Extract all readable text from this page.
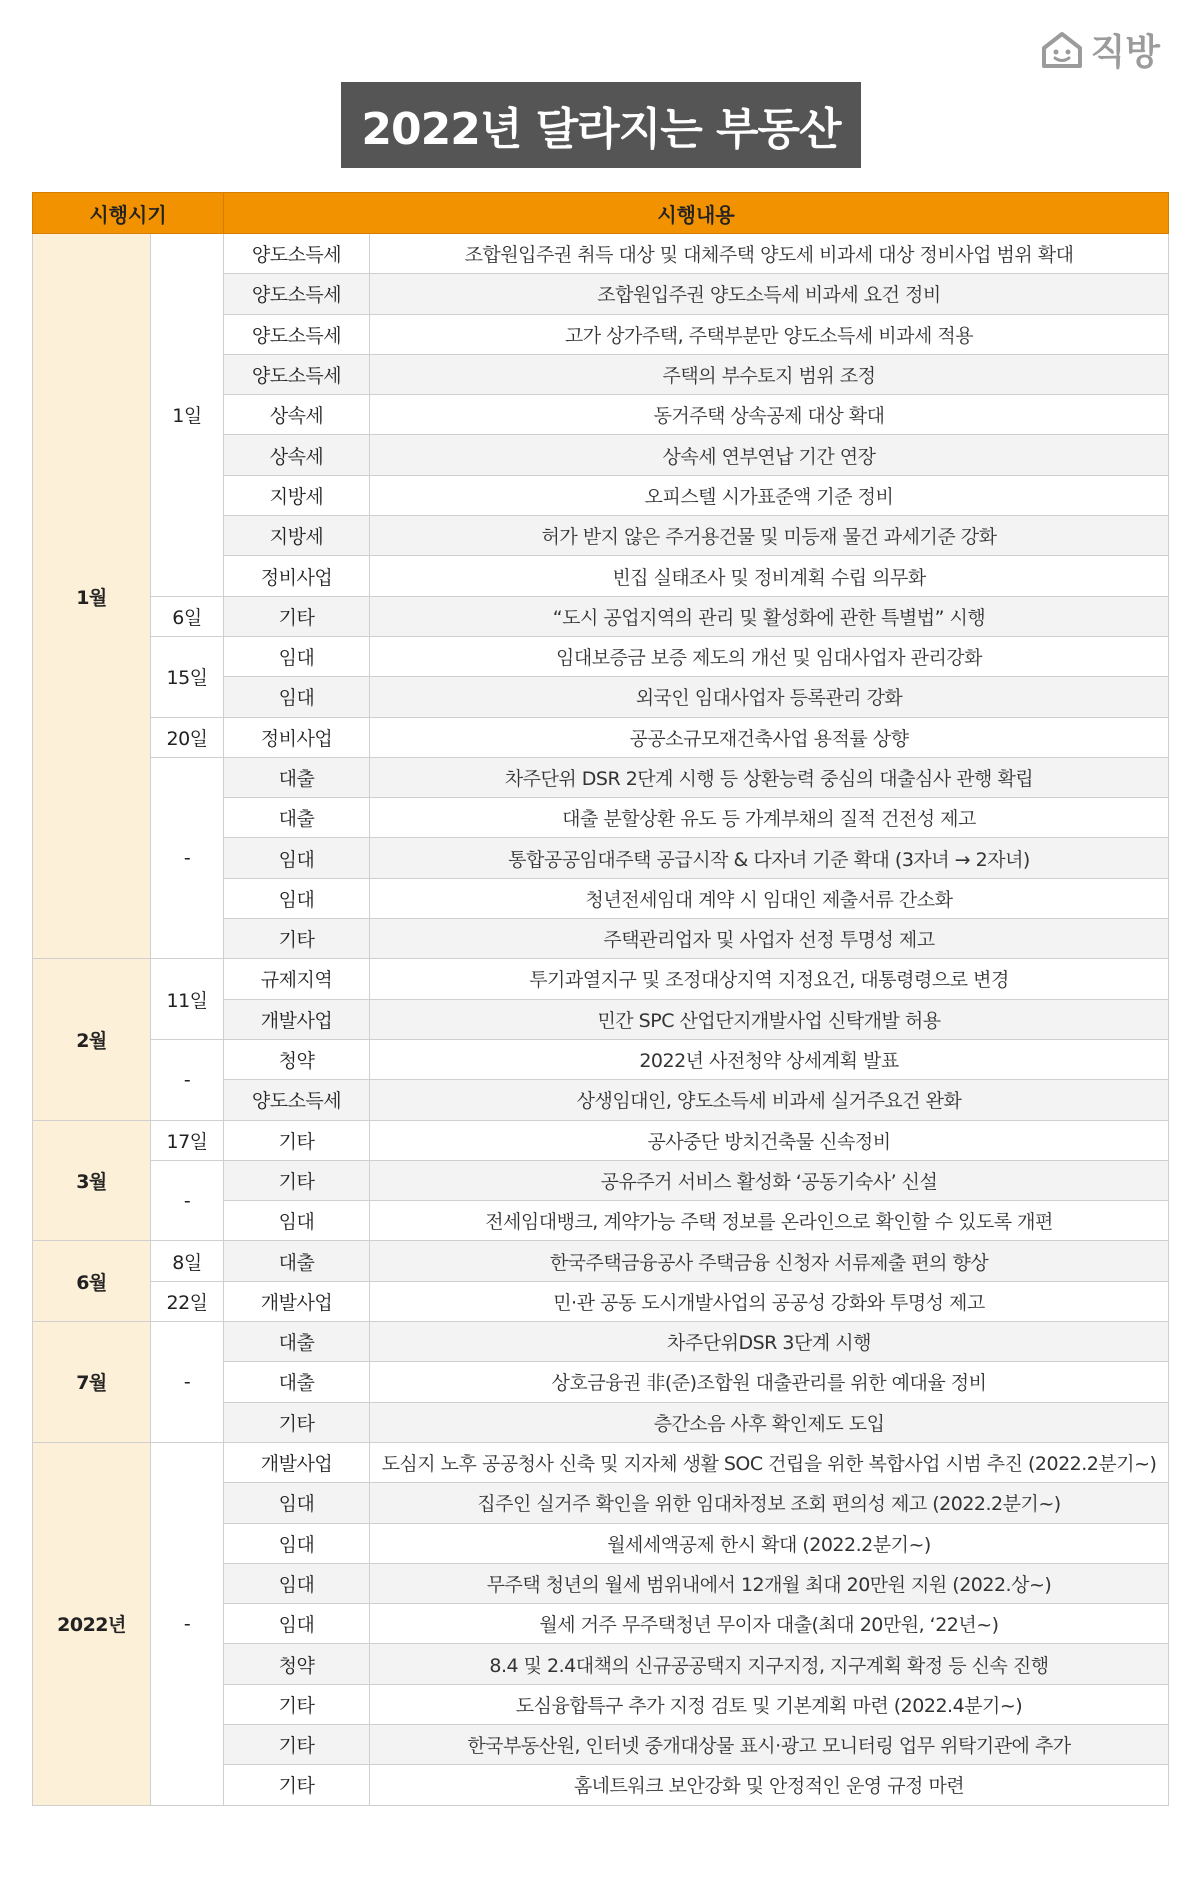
직방
2022년 달라지는 부동산
시행시기		시행내용	
1월	1일	양도소득세	조합원입주권 취득 대상 및 대체주택 양도세 비과세 대상 정비사업 범위 확대
		양도소득세	조합원입주권 양도소득세 비과세 요건 정비
		양도소득세	고가 상가주택, 주택부분만 양도소득세 비과세 적용
		양도소득세	주택의 부수토지 범위 조정
		상속세	동거주택 상속공제 대상 확대
		상속세	상속세 연부연납 기간 연장
		지방세	오피스텔 시가표준액 기준 정비
		지방세	허가 받지 않은 주거용건물 및 미등재 물건 과세기준 강화
		정비사업	빈집 실태조사 및 정비계획 수립 의무화
	6일	기타	“도시 공업지역의 관리 및 활성화에 관한 특별법” 시행
	15일	임대	임대보증금 보증 제도의 개선 및 임대사업자 관리강화
		임대	외국인 임대사업자 등록관리 강화
	20일	정비사업	공공소규모재건축사업 용적률 상향
	-	대출	차주단위 DSR 2단계 시행 등 상환능력 중심의 대출심사 관행 확립
		대출	대출 분할상환 유도 등 가계부채의 질적 건전성 제고
		임대	통합공공임대주택 공급시작 & 다자녀 기준 확대 (3자녀 → 2자녀)
		임대	청년전세임대 계약 시 임대인 제출서류 간소화
		기타	주택관리업자 및 사업자 선정 투명성 제고
2월	11일	규제지역	투기과열지구 및 조정대상지역 지정요건, 대통령령으로 변경
		개발사업	민간 SPC 산업단지개발사업 신탁개발 허용
	-	청약	2022년 사전청약 상세계획 발표
		양도소득세	상생임대인, 양도소득세 비과세 실거주요건 완화
3월	17일	기타	공사중단 방치건축물 신속정비
	-	기타	공유주거 서비스 활성화 ‘공동기숙사’ 신설
		임대	전세임대뱅크, 계약가능 주택 정보를 온라인으로 확인할 수 있도록 개편
6월	8일	대출	한국주택금융공사 주택금융 신청자 서류제출 편의 향상
	22일	개발사업	민·관 공동 도시개발사업의 공공성 강화와 투명성 제고
7월	-	대출	차주단위DSR 3단계 시행
		대출	상호금융권 非(준)조합원 대출관리를 위한 예대율 정비
		기타	층간소음 사후 확인제도 도입
2022년	-	개발사업	도심지 노후 공공청사 신축 및 지자체 생활 SOC 건립을 위한 복합사업 시범 추진 (2022.2분기~)
		임대	집주인 실거주 확인을 위한 임대차정보 조회 편의성 제고 (2022.2분기~)
		임대	월세세액공제 한시 확대 (2022.2분기~)
		임대	무주택 청년의 월세 범위내에서 12개월 최대 20만원 지원 (2022.상~)
		임대	월세 거주 무주택청년 무이자 대출(최대 20만원, ‘22년~)
		청약	8.4 및 2.4대책의 신규공공택지 지구지정, 지구계획 확정 등 신속 진행
		기타	도심융합특구 추가 지정 검토 및 기본계획 마련 (2022.4분기~)
		기타	한국부동산원, 인터넷 중개대상물 표시·광고 모니터링 업무 위탁기관에 추가
		기타	홈네트워크 보안강화 및 안정적인 운영 규정 마련
